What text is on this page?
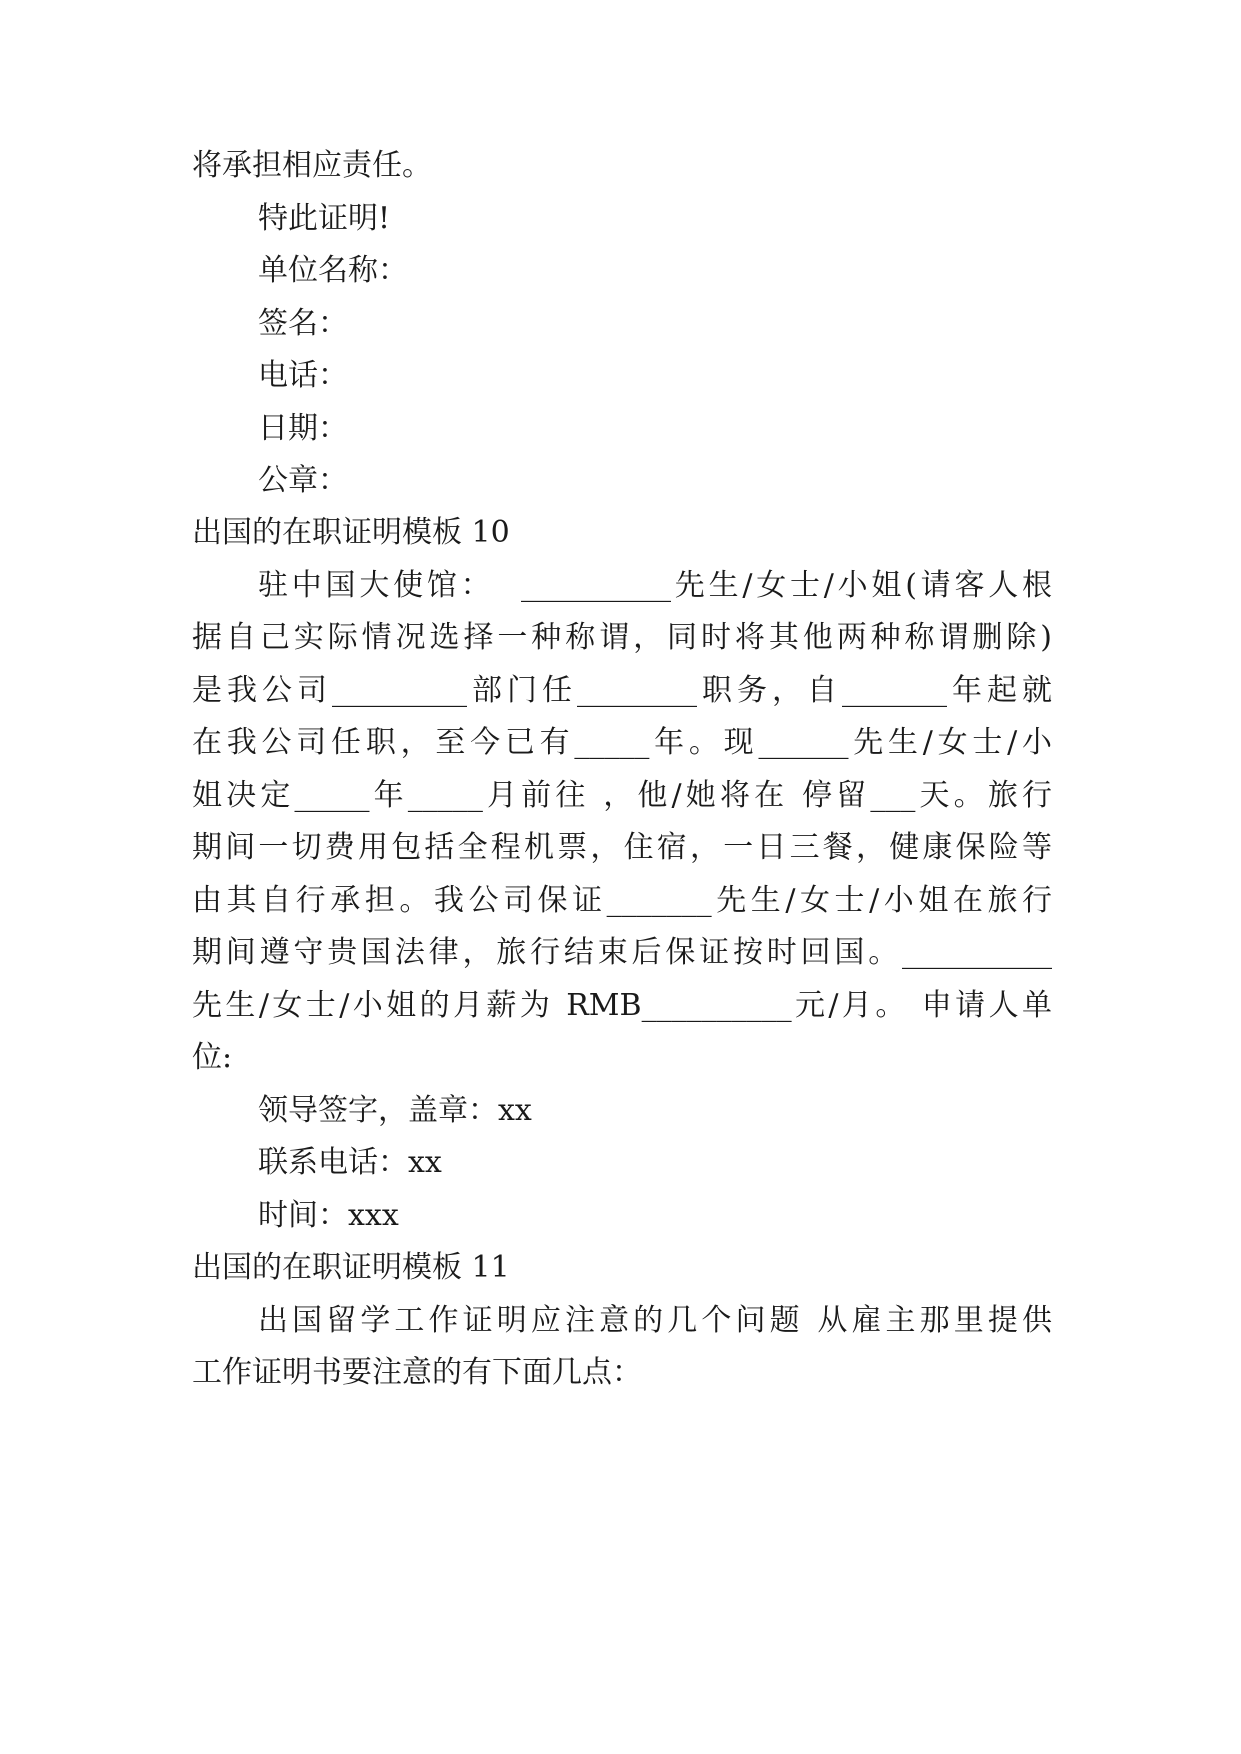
将承担相应责任。
特此证明!
单位名称：
签名：
电话：
日期：
公章：
出国的在职证明模板 10
驻中国大使馆：  __________先生/女士/小姐(请客人根
据自己实际情况选择一种称谓，同时将其他两种称谓删除)
是我公司_________部门任________职务，自_______年起就
在我公司任职，至今已有_____年。现______先生/女士/小
姐决定_____年_____月前往 ，他/她将在 停留___天。旅行
期间一切费用包括全程机票，住宿，一日三餐，健康保险等
由其自行承担。我公司保证_______先生/女士/小姐在旅行
期间遵守贵国法律，旅行结束后保证按时回国。__________
先生/女士/小姐的月薪为 RMB__________元/月。 申请人单
位:
领导签字，盖章：xx
联系电话：xx
时间：xxx
出国的在职证明模板 11
出国留学工作证明应注意的几个问题 从雇主那里提供
工作证明书要注意的有下面几点：
